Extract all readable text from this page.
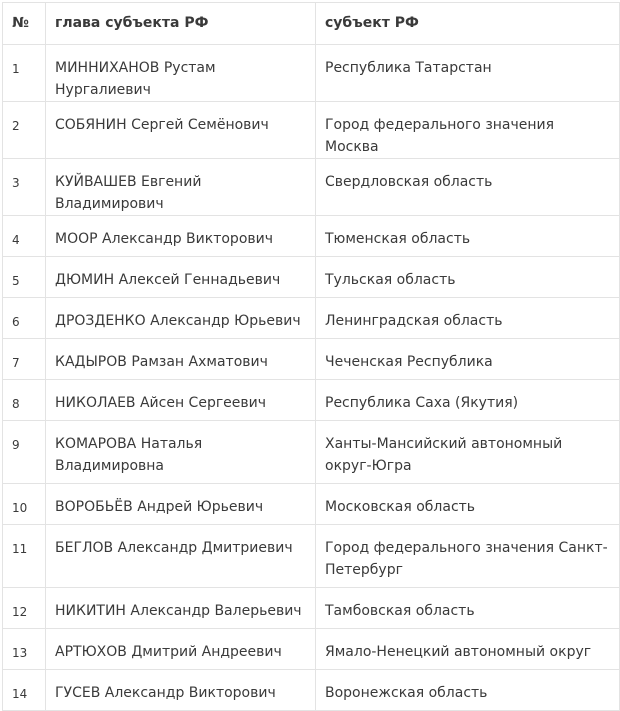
№	глава субъекта РФ	субъект РФ
1	МИННИХАНОВ Рустам Нургалиевич	Республика Татарстан
2	СОБЯНИН Сергей Семёнович	Город федерального значения Москва
3	КУЙВАШЕВ Евгений Владимирович	Свердловская область
4	МООР Александр Викторович	Тюменская область
5	ДЮМИН Алексей Геннадьевич	Тульская область
6	ДРОЗДЕНКО Александр Юрьевич	Ленинградская область
7	КАДЫРОВ Рамзан Ахматович	Чеченская Республика
8	НИКОЛАЕВ Айсен Сергеевич	Республика Саха (Якутия)
9	КОМАРОВА Наталья Владимировна	Ханты-Мансийский автономный округ-Югра
10	ВОРОБЬЁВ Андрей Юрьевич	Московская область
11	БЕГЛОВ Александр Дмитриевич	Город федерального значения Санкт-Петербург
12	НИКИТИН Александр Валерьевич	Тамбовская область
13	АРТЮХОВ Дмитрий Андреевич	Ямало-Ненецкий автономный округ
14	ГУСЕВ Александр Викторович	Воронежская область
